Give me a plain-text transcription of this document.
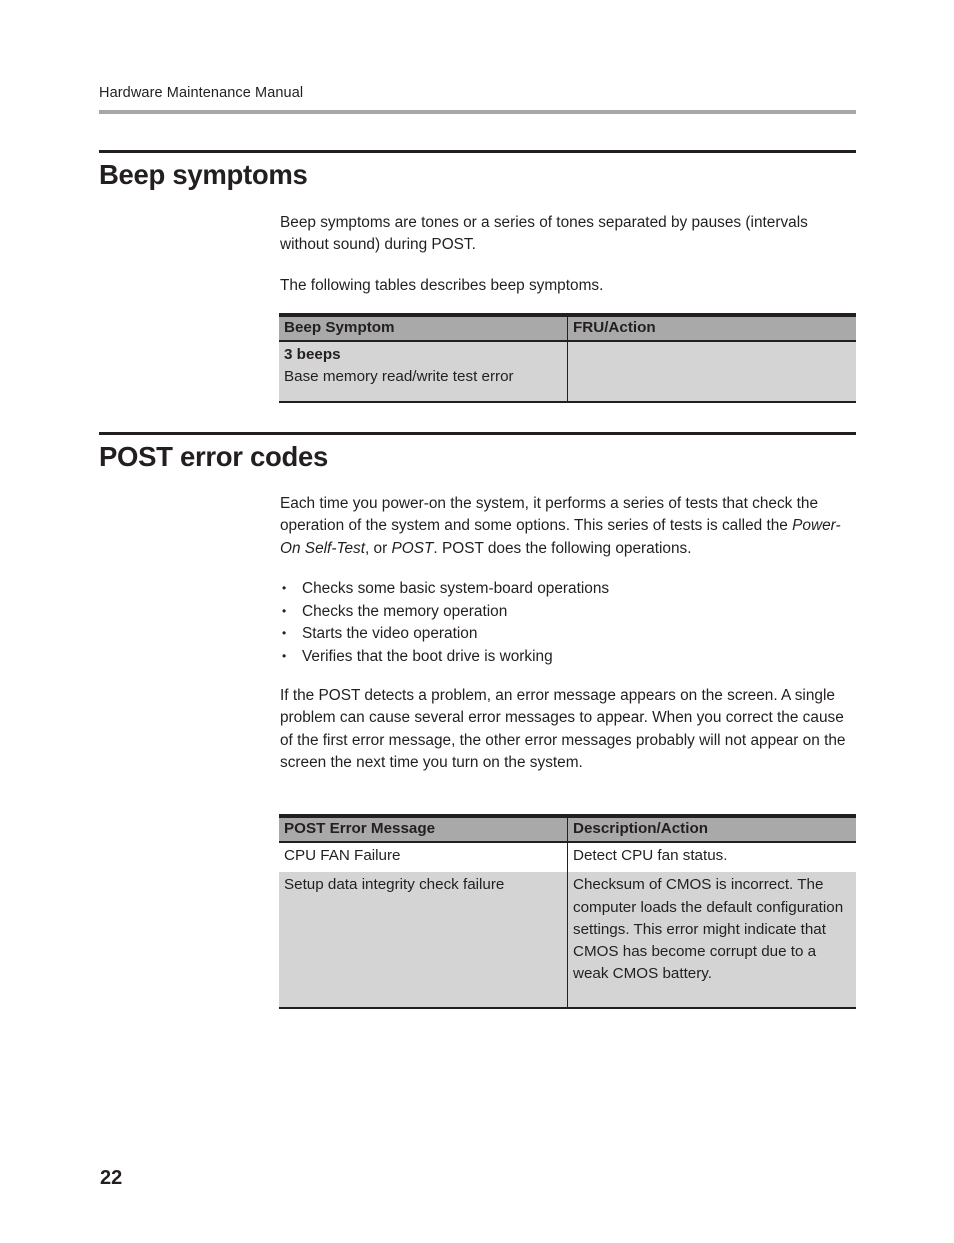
Hardware Maintenance Manual
Beep symptoms

Beep symptoms are tones or a series of tones separated by pauses (intervals without sound) during POST.

The following tables describes beep symptoms.

Beep Symptom	FRU/Action

3 beeps
Base memory read/write test error	

POST error codes

Each time you power-on the system, it performs a series of tests that check the operation of the system and some options. This series of tests is called the Power-On Self-Test, or POST. POST does the following operations.

• Checks some basic system-board operations
• Checks the memory operation
• Starts the video operation
• Verifies that the boot drive is working

If the POST detects a problem, an error message appears on the screen. A single problem can cause several error messages to appear. When you correct the cause of the first error message, the other error messages probably will not appear on the screen the next time you turn on the system.

POST Error Message	Description/Action
CPU FAN Failure	Detect CPU fan status.
Setup data integrity check failure	Checksum of CMOS is incorrect. The computer loads the default configuration settings. This error might indicate that CMOS has become corrupt due to a weak CMOS battery.

22
